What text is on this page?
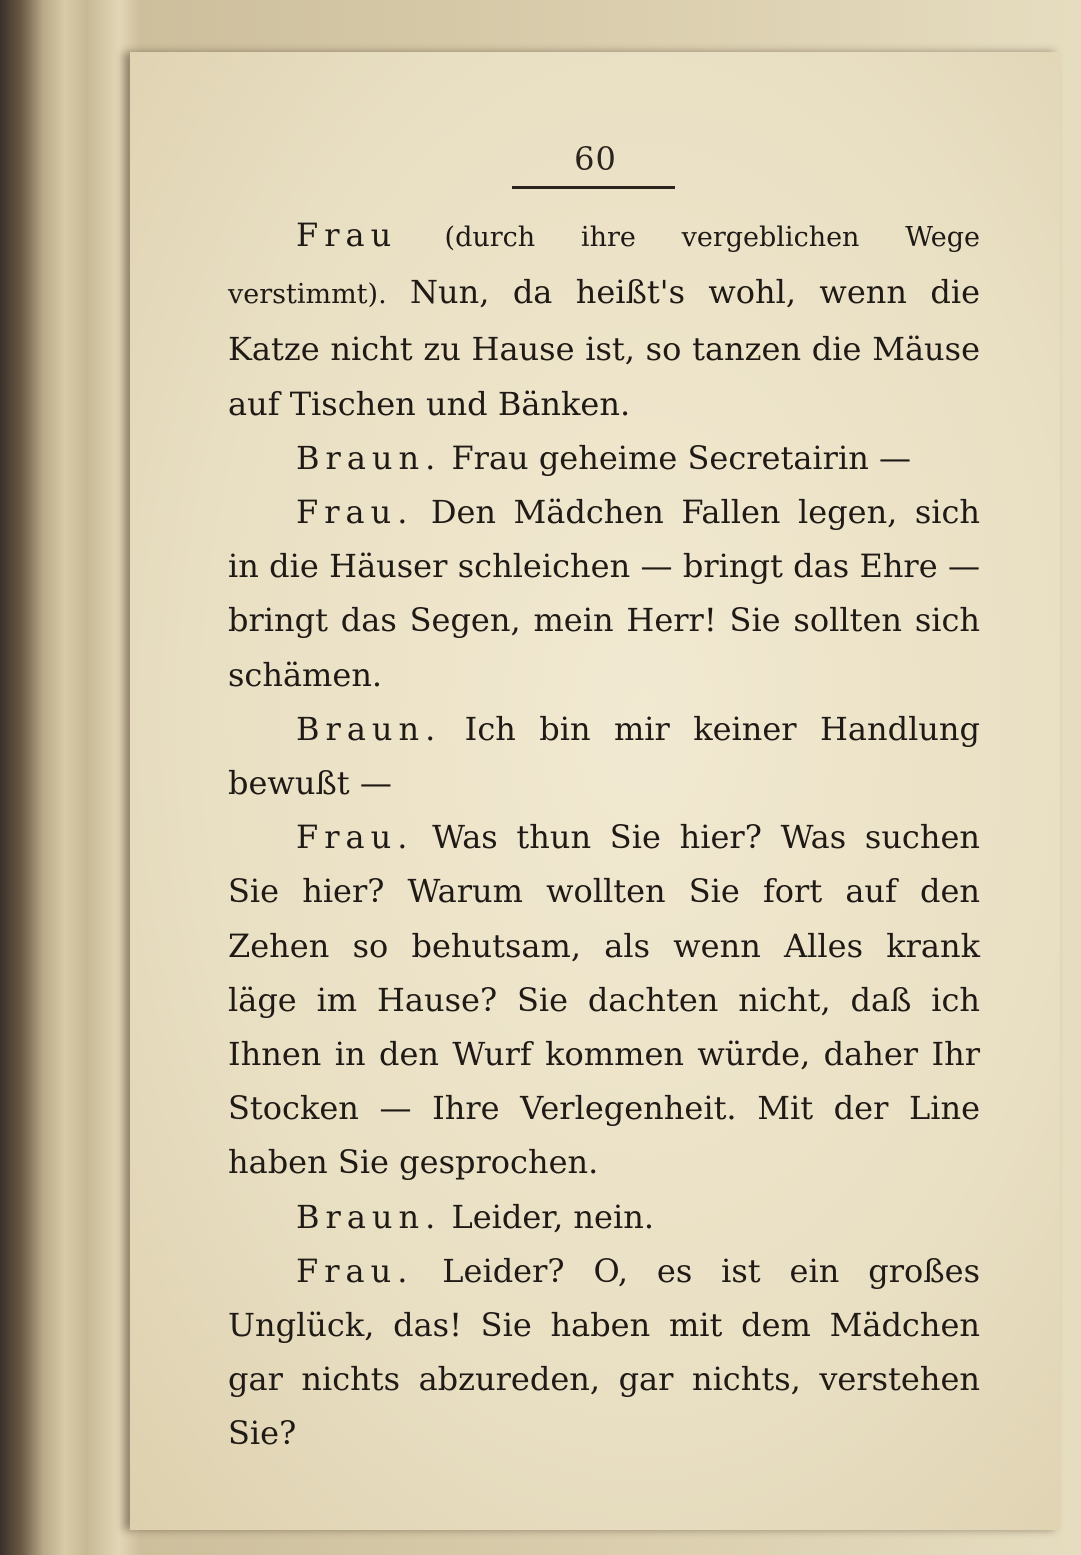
60

Frau (durch ihre vergeblichen Wege verstimmt). Nun, da heißt's wohl, wenn die Katze nicht zu Hause ist, so tanzen die Mäuse auf Tischen und Bänken.

Braun. Frau geheime Secretairin —

Frau. Den Mädchen Fallen legen, sich in die Häuser schleichen — bringt das Ehre — bringt das Segen, mein Herr! Sie sollten sich schämen.

Braun. Ich bin mir keiner Handlung bewußt —

Frau. Was thun Sie hier? Was suchen Sie hier? Warum wollten Sie fort auf den Zehen so behutsam, als wenn Alles krank läge im Hause? Sie dachten nicht, daß ich Ihnen in den Wurf kommen würde, daher Ihr Stocken — Ihre Verlegenheit. Mit der Line haben Sie gesprochen.

Braun. Leider, nein.

Frau. Leider? O, es ist ein großes Unglück, das! Sie haben mit dem Mädchen gar nichts abzureden, gar nichts, verstehen Sie?
